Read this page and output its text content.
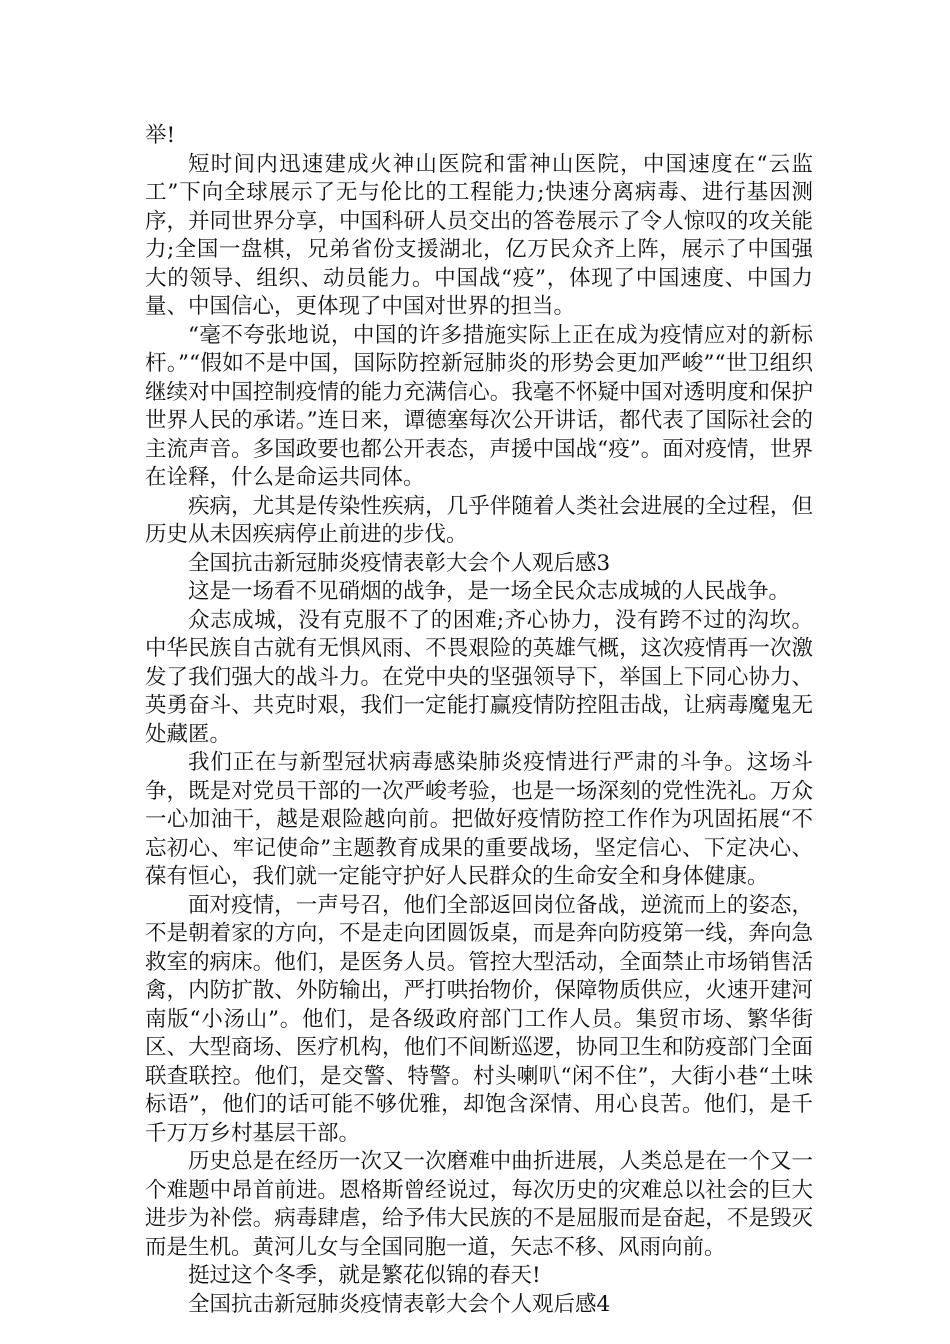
举!

短时间内迅速建成火神山医院和雷神山医院，中国速度在“云监工”下向全球展示了无与伦比的工程能力;快速分离病毒、进行基因测序，并同世界分享，中国科研人员交出的答卷展示了令人惊叹的攻关能力;全国一盘棋，兄弟省份支援湖北，亿万民众齐上阵，展示了中国强大的领导、组织、动员能力。中国战“疫”，体现了中国速度、中国力量、中国信心，更体现了中国对世界的担当。

“毫不夸张地说，中国的许多措施实际上正在成为疫情应对的新标杆。”“假如不是中国，国际防控新冠肺炎的形势会更加严峻”“世卫组织继续对中国控制疫情的能力充满信心。我毫不怀疑中国对透明度和保护世界人民的承诺。”连日来，谭德塞每次公开讲话，都代表了国际社会的主流声音。多国政要也都公开表态，声援中国战“疫”。面对疫情，世界在诠释，什么是命运共同体。

疾病，尤其是传染性疾病，几乎伴随着人类社会进展的全过程，但历史从未因疾病停止前进的步伐。

全国抗击新冠肺炎疫情表彰大会个人观后感3

这是一场看不见硝烟的战争，是一场全民众志成城的人民战争。

众志成城，没有克服不了的困难;齐心协力，没有跨不过的沟坎。中华民族自古就有无惧风雨、不畏艰险的英雄气概，这次疫情再一次激发了我们强大的战斗力。在党中央的坚强领导下，举国上下同心协力、英勇奋斗、共克时艰，我们一定能打赢疫情防控阻击战，让病毒魔鬼无处藏匿。

我们正在与新型冠状病毒感染肺炎疫情进行严肃的斗争。这场斗争，既是对党员干部的一次严峻考验，也是一场深刻的党性洗礼。万众一心加油干，越是艰险越向前。把做好疫情防控工作作为巩固拓展“不忘初心、牢记使命”主题教育成果的重要战场，坚定信心、下定决心、葆有恒心，我们就一定能守护好人民群众的生命安全和身体健康。

面对疫情，一声号召，他们全部返回岗位备战，逆流而上的姿态，不是朝着家的方向，不是走向团圆饭桌，而是奔向防疫第一线，奔向急救室的病床。他们，是医务人员。管控大型活动，全面禁止市场销售活禽，内防扩散、外防输出，严打哄抬物价，保障物质供应，火速开建河南版“小汤山”。他们，是各级政府部门工作人员。集贸市场、繁华街区、大型商场、医疗机构，他们不间断巡逻，协同卫生和防疫部门全面联查联控。他们，是交警、特警。村头喇叭“闲不住”，大街小巷“土味标语”，他们的话可能不够优雅，却饱含深情、用心良苦。他们，是千千万万乡村基层干部。

历史总是在经历一次又一次磨难中曲折进展，人类总是在一个又一个难题中昂首前进。恩格斯曾经说过，每次历史的灾难总以社会的巨大进步为补偿。病毒肆虐，给予伟大民族的不是屈服而是奋起，不是毁灭而是生机。黄河儿女与全国同胞一道，矢志不移、风雨向前。

挺过这个冬季，就是繁花似锦的春天!

全国抗击新冠肺炎疫情表彰大会个人观后感4
